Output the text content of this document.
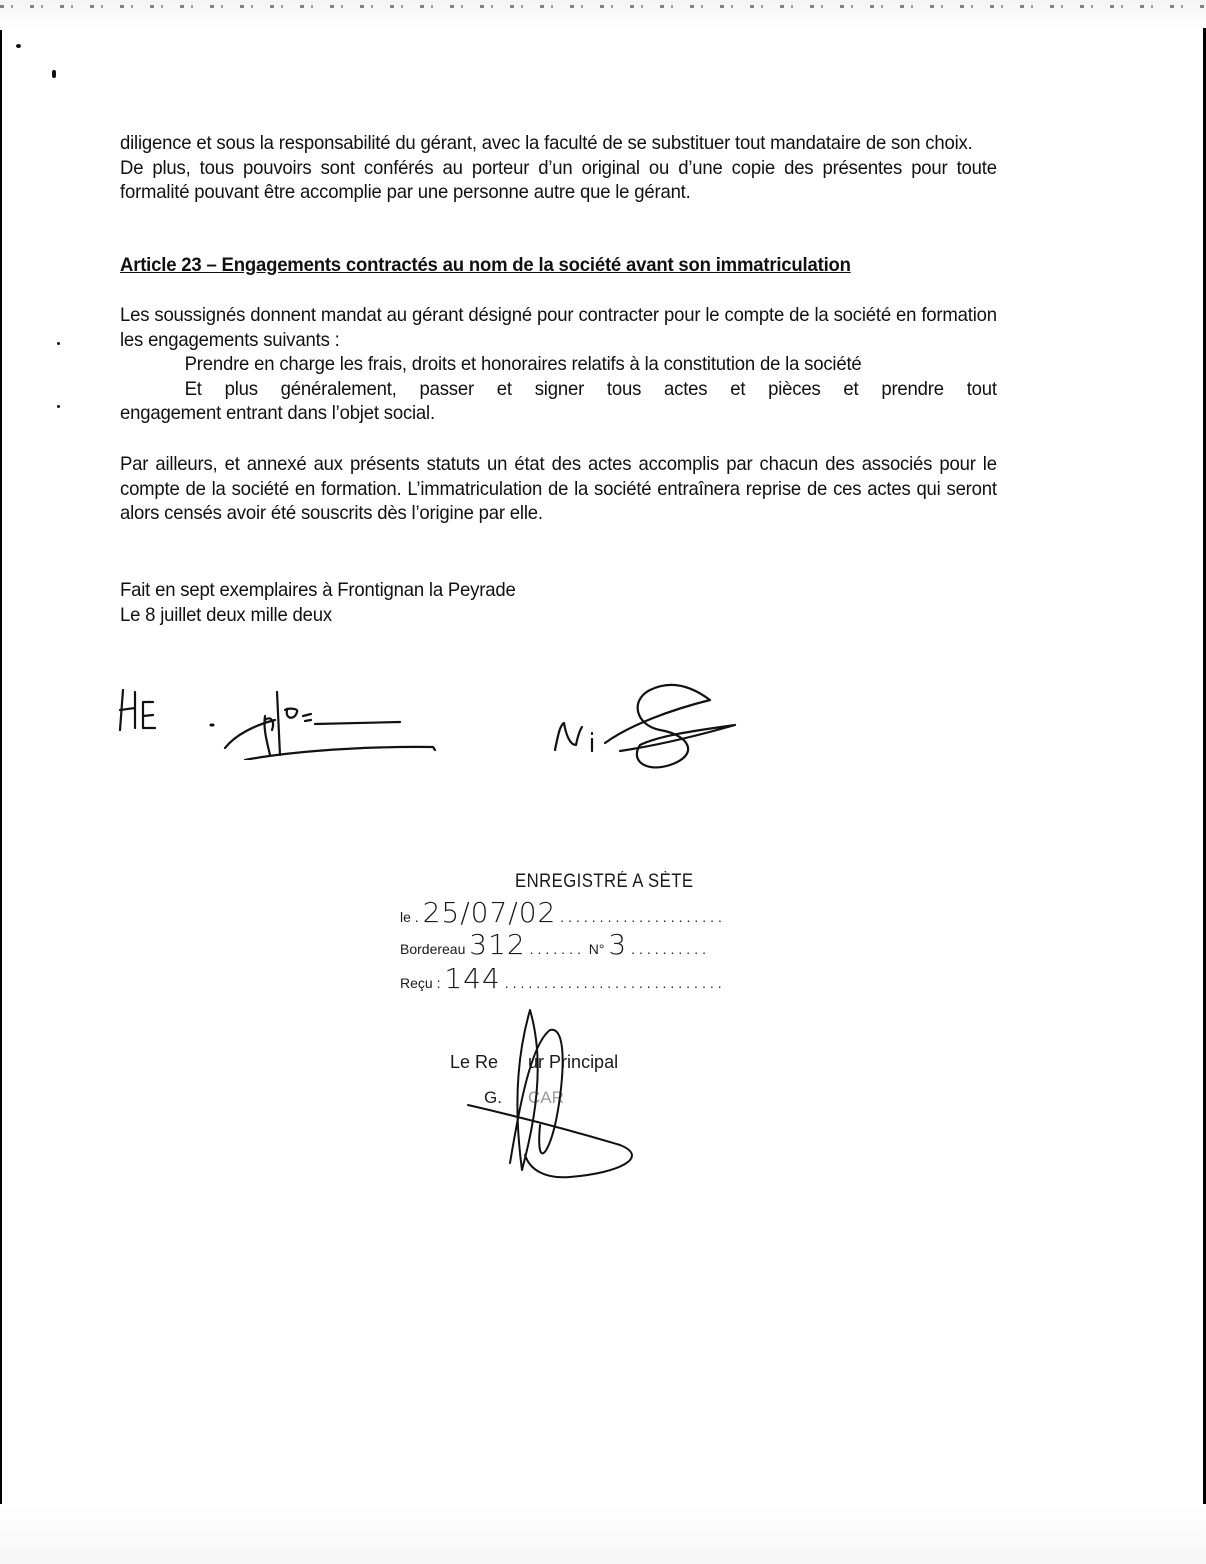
diligence et sous la responsabilité du gérant, avec la faculté de se substituer tout mandataire de son choix.

De plus, tous pouvoirs sont conférés au porteur d’un original ou d’une copie des présentes pour toute formalité pouvant être accomplie par une personne autre que le gérant.

Article 23 – Engagements contractés au nom de la société avant son immatriculation

Les soussignés donnent mandat au gérant désigné pour contracter pour le compte de la société en formation les engagements suivants :

Prendre en charge les frais, droits et honoraires relatifs à la constitution de la société

Et plus généralement, passer et signer tous actes et pièces et prendre tout

engagement entrant dans l’objet social.

Par ailleurs, et annexé aux présents statuts un état des actes accomplis par chacun des associés pour le compte de la société en formation. L’immatriculation de la société entraînera reprise de ces actes qui seront alors censés avoir été souscrits dès l’origine par elle.

Fait en sept exemplaires à Frontignan la Peyrade

Le 8 juillet deux mille deux

ENREGISTRÉ A SÈTE
le . 25/07/02 .....................
Bordereau 312 ....... N° 3 ..........
Reçu : 144 ............................
Le Re ur Principal
G. CAR
